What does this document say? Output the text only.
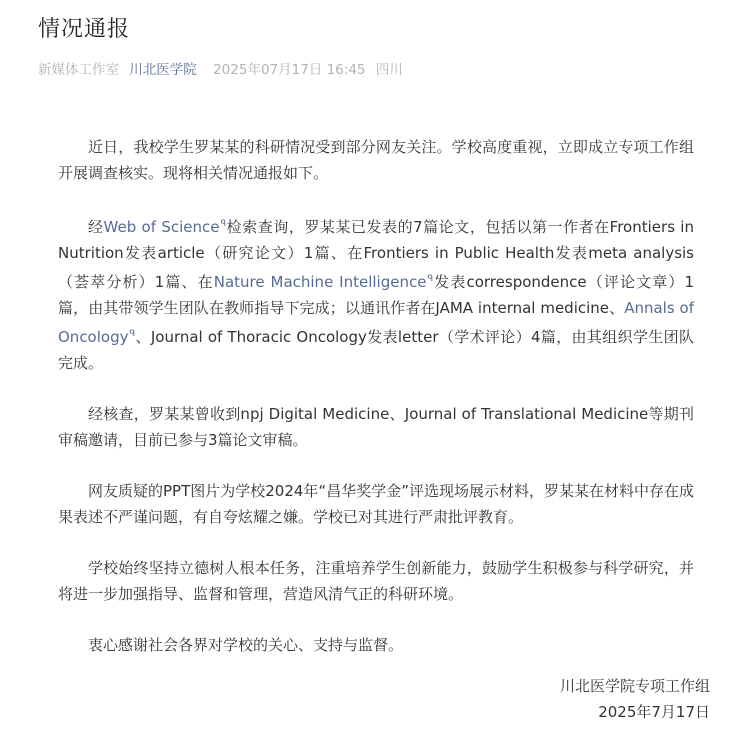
情况通报
新媒体工作室 川北医学院 2025年07月17日 16:45 四川

近日，我校学生罗某某的科研情况受到部分网友关注。学校高度重视，立即成立专项工作组开展调查核实。现将相关情况通报如下。

经Web of Science$^ᑫ$检索查询，罗某某已发表的7篇论文，包括以第一作者在Frontiers in Nutrition发表article（研究论文）1篇、在Frontiers in Public Health发表meta analysis（荟萃分析）1篇、在Nature Machine Intelligence$^ᑫ$发表correspondence（评论文章）1篇，由其带领学生团队在教师指导下完成；以通讯作者在JAMA internal medicine、Annals of Oncology$^ᑫ$、Journal of Thoracic Oncology发表letter（学术评论）4篇，由其组织学生团队完成。

经核查，罗某某曾收到npj Digital Medicine、Journal of Translational Medicine等期刊审稿邀请，目前已参与3篇论文审稿。

网友质疑的PPT图片为学校2024年“昌华奖学金”评选现场展示材料，罗某某在材料中存在成果表述不严谨问题，有自夸炫耀之嫌。学校已对其进行严肃批评教育。

学校始终坚持立德树人根本任务，注重培养学生创新能力，鼓励学生积极参与科学研究，并将进一步加强指导、监督和管理，营造风清气正的科研环境。

衷心感谢社会各界对学校的关心、支持与监督。

川北医学院专项工作组
2025年7月17日
